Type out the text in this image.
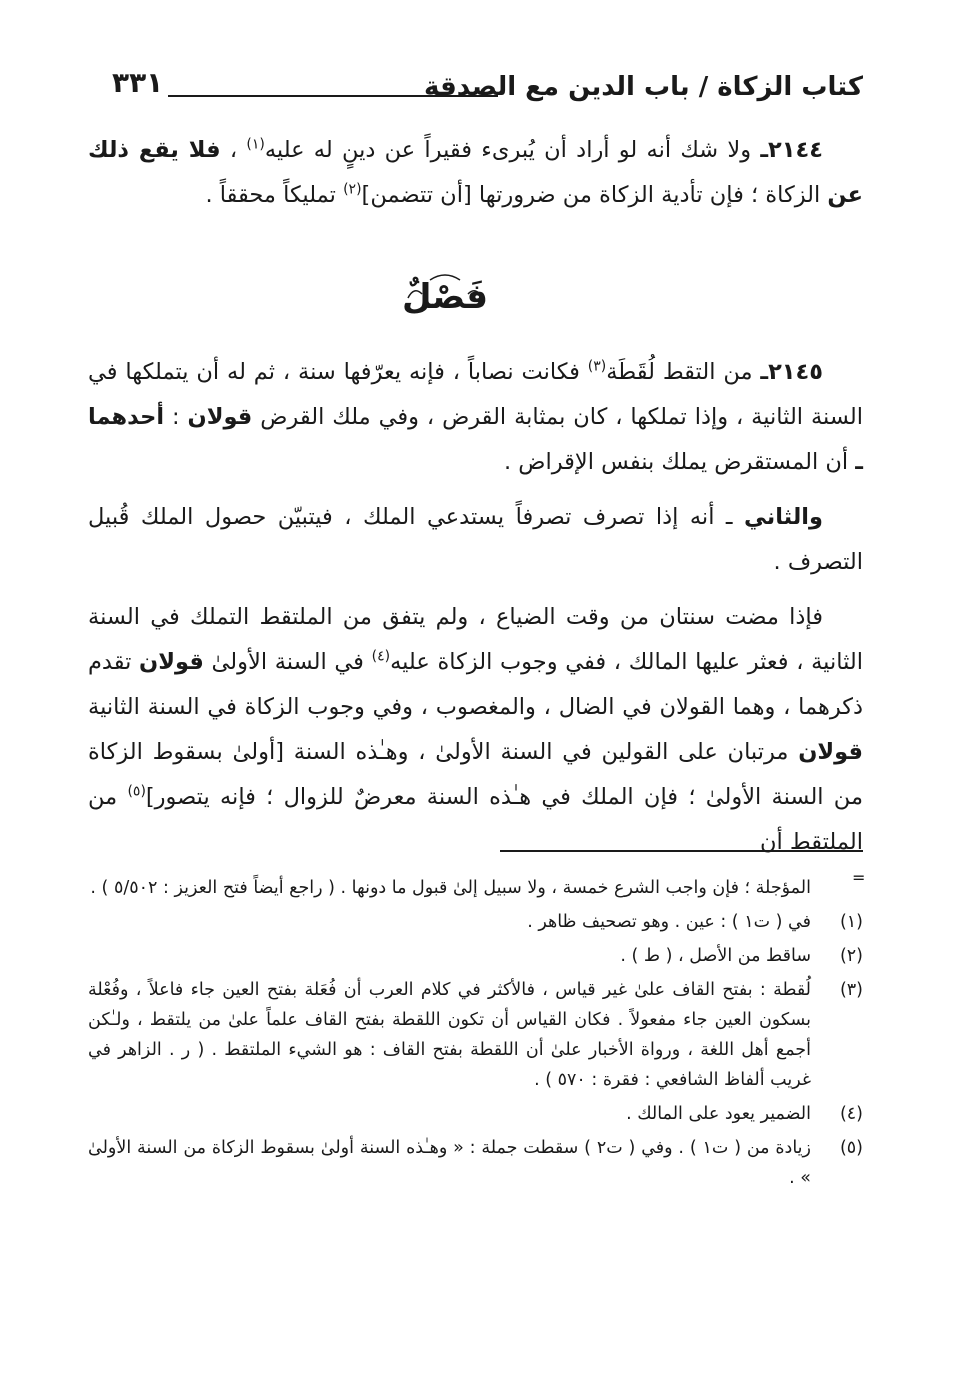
٣٣١	كتاب الزكاة / باب الدين مع الصدقة

٢١٤٤ـ ولا شك أنه لو أراد أن يُبرىء فقيراً عن دينٍ له عليه$^{(١)}$ ، فلا يقع ذلك عن الزكاة ؛ فإن تأدية الزكاة من ضرورتها [أن تتضمن]$^{(٢)}$ تمليكاً محققاً .

فَصْلٌ

٢١٤٥ـ من التقط لُقَطَة$^{(٣)}$ فكانت نصاباً ، فإنه يعرّفها سنة ، ثم له أن يتملكها في السنة الثانية ، وإذا تملكها ، كان بمثابة القرض ، وفي ملك القرض قولان : أحدهما ـ أن المستقرض يملك بنفس الإقراض .

والثاني ـ أنه إذا تصرف تصرفاً يستدعي الملك ، فيتبيّن حصول الملك قُبيل التصرف .

فإذا مضت سنتان من وقت الضياع ، ولم يتفق من الملتقط التملك في السنة الثانية ، فعثر عليها المالك ، ففي وجوب الزكاة عليه$^{(٤)}$ في السنة الأولىٰ قولان تقدم ذكرهما ، وهما القولان في الضال ، والمغصوب ، وفي وجوب الزكاة في السنة الثانية قولان مرتبان على القولين في السنة الأولىٰ ، وهـٰذه السنة [أولىٰ بسقوط الزكاة من السنة الأولىٰ ؛ فإن الملك في هـٰذه السنة معرضٌ للزوال ؛ فإنه يتصور]$^{(٥)}$ من الملتقط أن

=
المؤجلة ؛ فإن واجب الشرع خمسة ، ولا سبيل إلىٰ قبول ما دونها . ( راجع أيضاً فتح العزيز : ٥/٥٠٢ ) .
(١)
في ( ت١ ) : عين . وهو تصحيف ظاهر .
(٢)
ساقط من الأصل ، ( ط ) .
(٣)
لُقطة : بفتح القاف علىٰ غير قياس ، فالأكثر في كلام العرب أن فُعَلة بفتح العين جاء فاعلاً ، وفُعْلة بسكون العين جاء مفعولاً . فكان القياس أن تكون اللقطة بفتح القاف علماً علىٰ من يلتقط ، ولـٰكن أجمع أهل اللغة ، ورواة الأخبار علىٰ أن اللقطة بفتح القاف : هو الشيء الملتقط . ( ر . الزاهر في غريب ألفاظ الشافعي : فقرة : ٥٧٠ ) .
(٤)
الضمير يعود على المالك .
(٥)
زيادة من ( ت١ ) . وفي ( ت٢ ) سقطت جملة : « وهـٰذه السنة أولىٰ بسقوط الزكاة من السنة الأولىٰ » .
